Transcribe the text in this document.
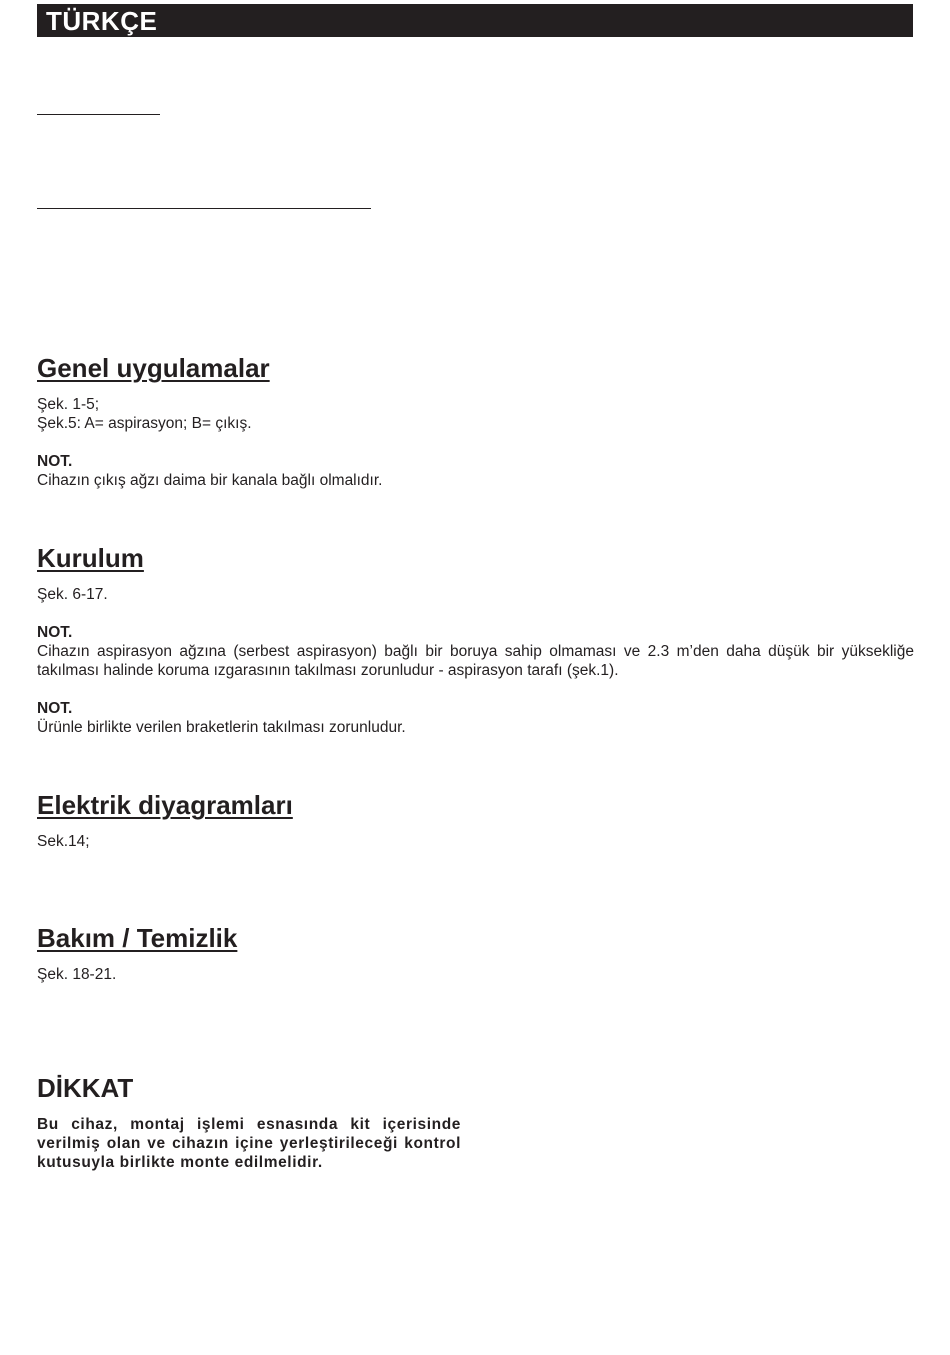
TÜRKÇE
Genel uygulamalar

Şek. 1-5;

Şek.5: A= aspirasyon; B= çıkış.

NOT.

Cihazın çıkış ağzı daima bir kanala bağlı olmalıdır.

Kurulum

Şek. 6-17.

NOT.

Cihazın aspirasyon ağzına (serbest aspirasyon) bağlı bir boruya sahip olmaması ve 2.3 m’den daha düşük bir yüksekliğe takılması halinde koruma ızgarasının takılması zorunludur - aspirasyon tarafı (şek.1).

NOT.

Ürünle birlikte verilen braketlerin takılması zorunludur.

Elektrik diyagramları

Sek.14;

Bakım / Temizlik

Şek. 18-21.

DİKKAT

Bu cihaz, montaj işlemi esnasında kit içerisinde verilmiş olan ve cihazın içine yerleştirileceği kontrol kutusuyla birlikte monte edilmelidir.
